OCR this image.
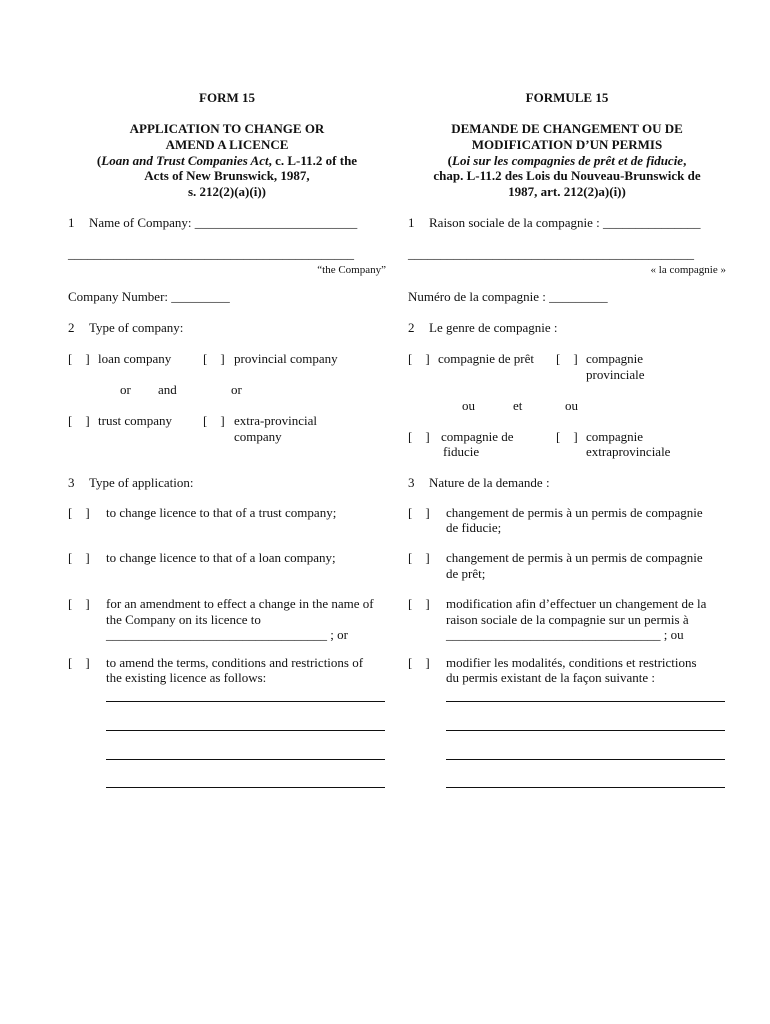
FORM 15
APPLICATION TO CHANGE OR
AMEND A LICENCE
(Loan and Trust Companies Act, c. L-11.2 of the
Acts of New Brunswick, 1987,
s. 212(2)(a)(i))
1 Name of Company: _________________________
____________________________________________
“the Company”
Company Number: _________
2 Type of company:
[    ] loan company [    ] provincial company
or and	or
[    ] trust company [    ] extra-provincial
company
3 Type of application:
[    ] to change licence to that of a trust company;
[    ] to change licence to that of a loan company;
[    ] for an amendment to effect a change in the name of
the Company on its licence to
__________________________________ ; or
[    ] to amend the terms, conditions and restrictions of
the existing licence as follows:
FORMULE 15
DEMANDE DE CHANGEMENT OU DE
MODIFICATION D’UN PERMIS
(Loi sur les compagnies de prêt et de fiducie,
chap. L-11.2 des Lois du Nouveau-Brunswick de
1987, art. 212(2)a)(i))
1 Raison sociale de la compagnie : _______________
____________________________________________
« la compagnie »
Numéro de la compagnie : _________
2 Le genre de compagnie :
[    ] compagnie de prêt [    ] compagnie
provinciale
ou	et	ou
[    ] compagnie de
fiducie
[    ] compagnie
extraprovinciale
3 Nature de la demande :
[    ] changement de permis à un permis de compagnie
de fiducie;
[    ] changement de permis à un permis de compagnie
de prêt;
[    ] modification afin d’effectuer un changement de la
raison sociale de la compagnie sur un permis à
_________________________________ ; ou
[    ] modifier les modalités, conditions et restrictions
du permis existant de la façon suivante :
